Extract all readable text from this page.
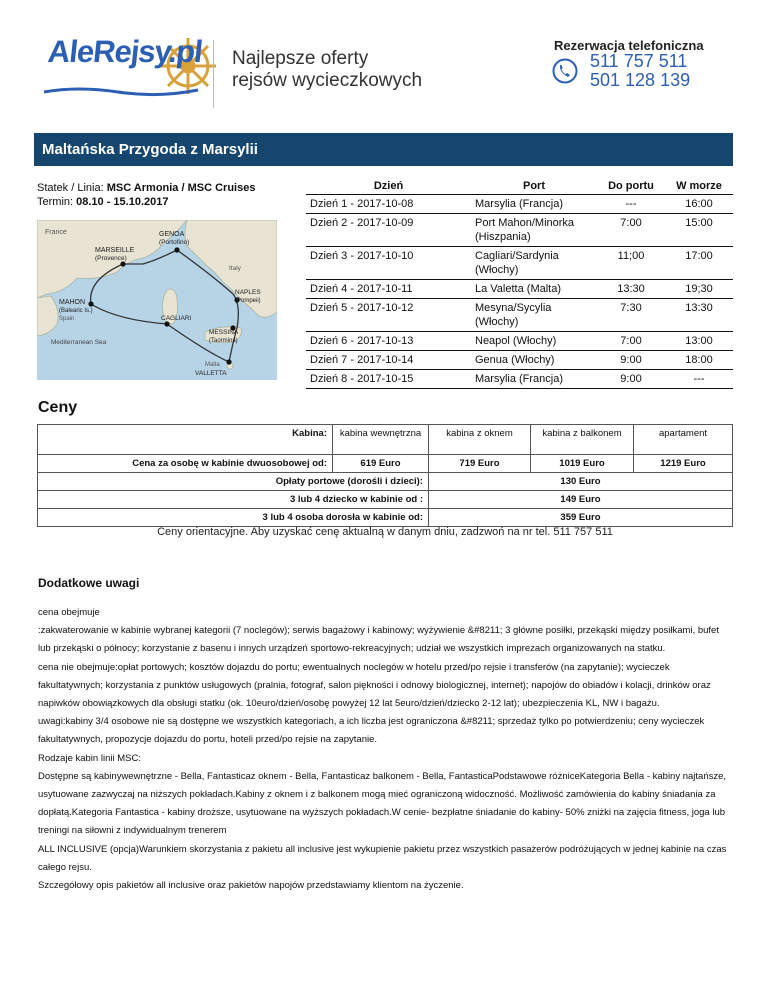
AleRejsy.pl Najlepsze oferty
rejsów wycieczkowych
Rezerwacja telefoniczna
511 757 511
501 128 139
Maltańska Przygoda z Marsylii
Statek / Linia: MSC Armonia / MSC Cruises
Termin: 08.10 - 15.10.2017
France	GENOA
(Portofino)
MARSEILLE
(Provence)
Italy
MAHON
(Balearic Is.)
Spain	CAGLIARI
NAPLES
(Pompeii)
Mediterranean Sea
MESSINA
(Taormina)
Malta
VALLETTA
Dzień	Port	Do portu	W morze
Dzień 1 - 2017-10-08	Marsylia (Francja)	---	16:00
Dzień 2 - 2017-10-09	Port Mahon/Minorka (Hiszpania)	7:00	15:00
Dzień 3 - 2017-10-10	Cagliari/Sardynia (Włochy)	11;00	17:00
Dzień 4 - 2017-10-11	La Valetta (Malta)	13:30	19;30
Dzień 5 - 2017-10-12	Mesyna/Sycylia (Włochy)	7:30	13:30
Dzień 6 - 2017-10-13	Neapol (Włochy)	7:00	13:00
Dzień 7 - 2017-10-14	Genua (Włochy)	9:00	18:00
Dzień 8 - 2017-10-15	Marsylia (Francja)	9:00	---
Ceny
Kabina:	kabina wewnętrzna	kabina z oknem	kabina z balkonem	apartament
Cena za osobę w kabinie dwuosobowej od:	619 Euro	719 Euro	1019 Euro	1219 Euro
Opłaty portowe (dorośli i dzieci):		130 Euro		
3 lub 4 dziecko w kabinie od :		149 Euro		
3 lub 4 osoba dorosła w kabinie od:		359 Euro		
Ceny orientacyjne. Aby uzyskać cenę aktualną w danym dniu, zadzwoń na nr tel. 511 757 511
Dodatkowe uwagi

cena obejmuje

:zakwaterowanie w kabinie wybranej kategorii (7 noclegów); serwis bagażowy i kabinowy; wyżywienie &#8211; 3 główne posiłki, przekąski między posiłkami, bufet lub przekąski o północy; korzystanie z basenu i innych urządzeń sportowo-rekreacyjnych; udział we wszystkich imprezach organizowanych na statku.

cena nie obejmuje:opłat portowych; kosztów dojazdu do portu; ewentualnych noclegów w hotelu przed/po rejsie i transferów (na zapytanie); wycieczek fakultatywnych; korzystania z punktów usługowych (pralnia, fotograf, salon piękności i odnowy biologicznej, internet); napojów do obiadów i kolacji, drinków oraz napiwków obowiązkowych dla obsługi statku (ok. 10euro/dzień/osobę powyżej 12 lat 5euro/dzień/dziecko 2-12 lat); ubezpieczenia KL, NW i bagażu.

uwagi:kabiny 3/4 osobowe nie są dostępne we wszystkich kategoriach, a ich liczba jest ograniczona &#8211; sprzedaż tylko po potwierdzeniu; ceny wycieczek fakultatywnych, propozycje dojazdu do portu, hoteli przed/po rejsie na zapytanie.

Rodzaje kabin linii MSC:

Dostępne są kabinywewnętrzne - Bella, Fantasticaz oknem - Bella, Fantasticaz balkonem - Bella, FantasticaPodstawowe różniceKategoria Bella - kabiny najtańsze, usytuowane zazwyczaj na niższych pokładach.Kabiny z oknem i z balkonem mogą mieć ograniczoną widoczność. Możliwość zamówienia do kabiny śniadania za dopłatą.Kategoria Fantastica - kabiny droższe, usytuowane na wyższych pokładach.W cenie- bezpłatne śniadanie do kabiny- 50% zniżki na zajęcia fitness, joga lub treningi na siłowni z indywidualnym trenerem

ALL INCLUSIVE (opcja)Warunkiem skorzystania z pakietu all inclusive jest wykupienie pakietu przez wszystkich pasażerów podróżujących w jednej kabinie na czas całego rejsu.

Szczegółowy opis pakietów all inclusive oraz pakietów napojów przedstawiamy klientom na życzenie.
